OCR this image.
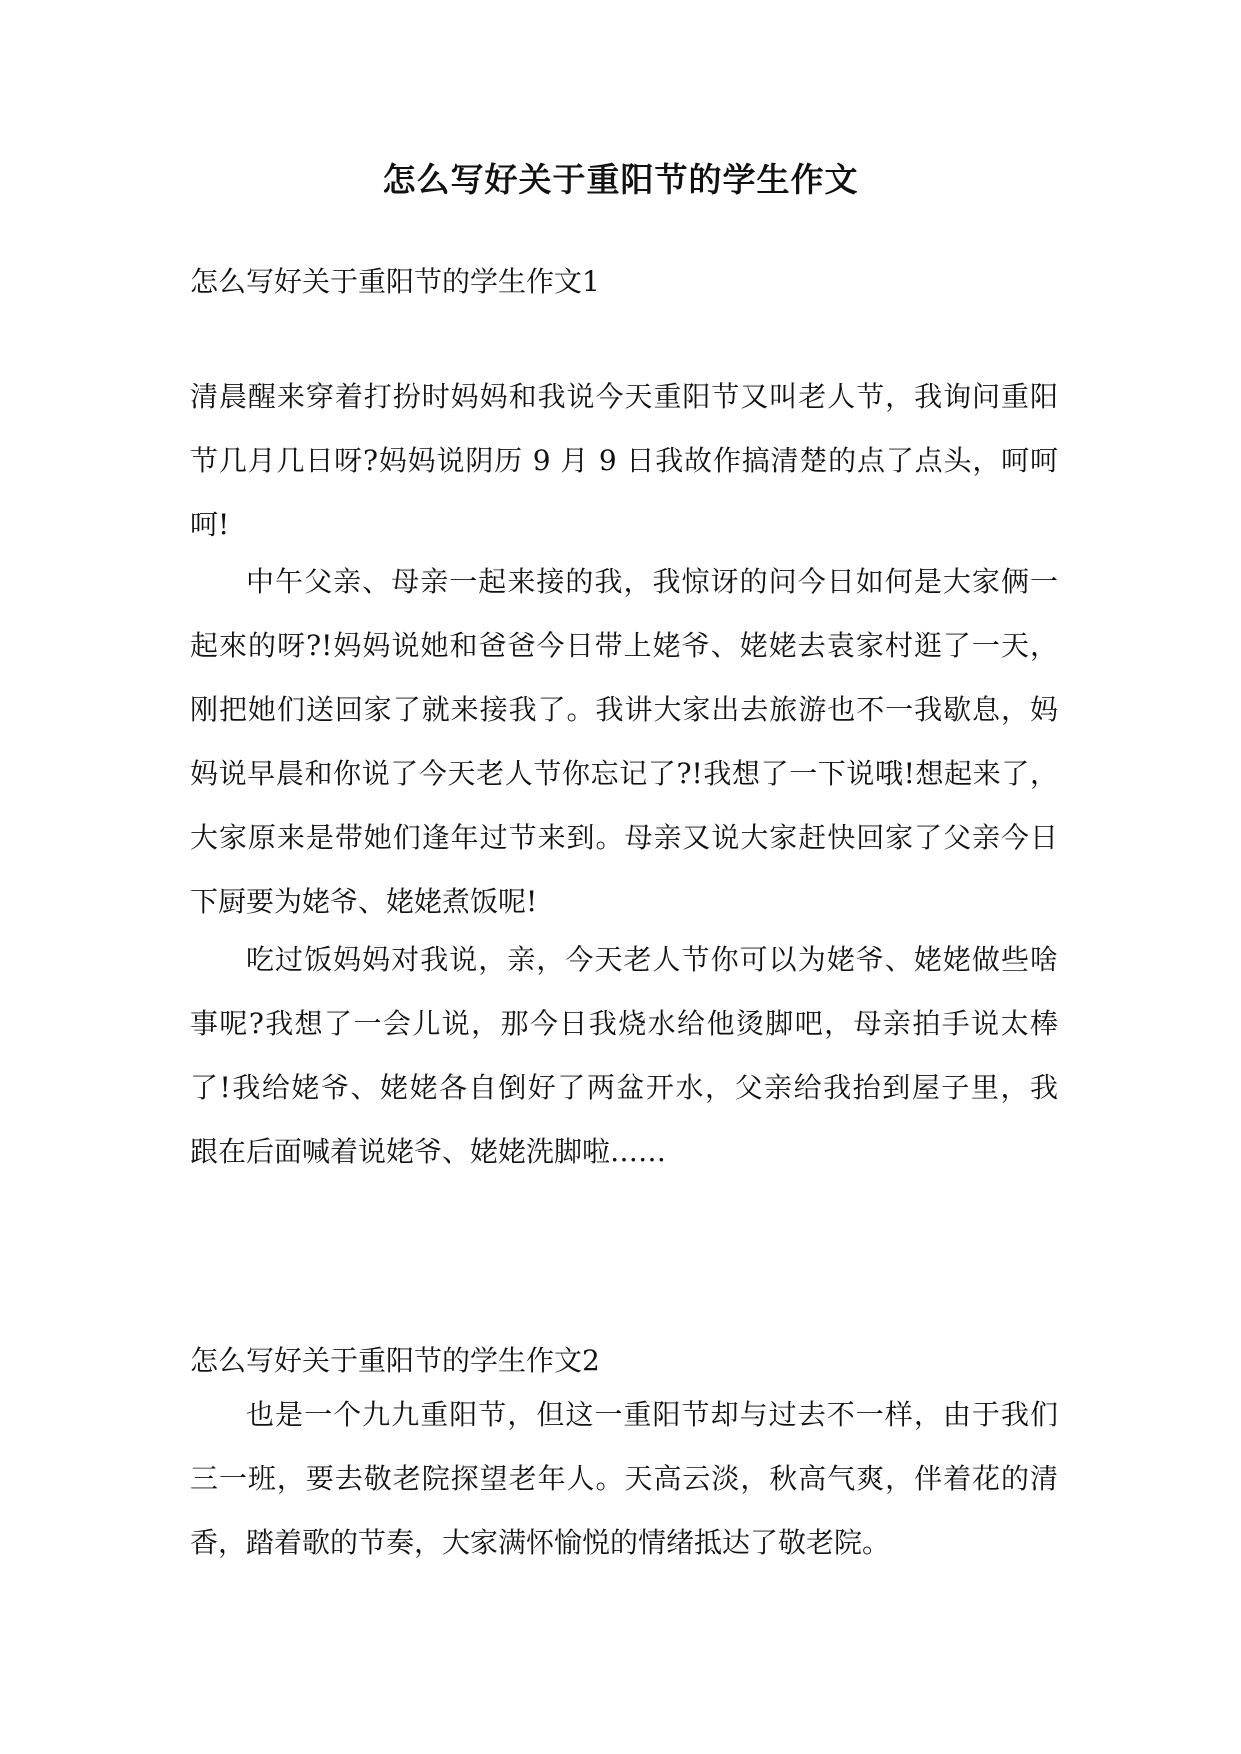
怎么写好关于重阳节的学生作文
怎么写好关于重阳节的学生作文1
清晨醒来穿着打扮时妈妈和我说今天重阳节又叫老人节，我询问重阳
节几月几日呀?妈妈说阴历 9 月 9 日我故作搞清楚的点了点头，呵呵
呵!
中午父亲、母亲一起来接的我，我惊讶的问今日如何是大家俩一
起來的呀?!妈妈说她和爸爸今日带上姥爷、姥姥去袁家村逛了一天，
刚把她们送回家了就来接我了。我讲大家出去旅游也不一我歇息，妈
妈说早晨和你说了今天老人节你忘记了?!我想了一下说哦!想起来了，
大家原来是带她们逢年过节来到。母亲又说大家赶快回家了父亲今日
下厨要为姥爷、姥姥煮饭呢!
吃过饭妈妈对我说，亲，今天老人节你可以为姥爷、姥姥做些啥
事呢?我想了一会儿说，那今日我烧水给他烫脚吧，母亲拍手说太棒
了!我给姥爷、姥姥各自倒好了两盆开水，父亲给我抬到屋子里，我
跟在后面喊着说姥爷、姥姥洗脚啦……
怎么写好关于重阳节的学生作文2
也是一个九九重阳节，但这一重阳节却与过去不一样，由于我们
三一班，要去敬老院探望老年人。天高云淡，秋高气爽，伴着花的清
香，踏着歌的节奏，大家满怀愉悦的情绪抵达了敬老院。
